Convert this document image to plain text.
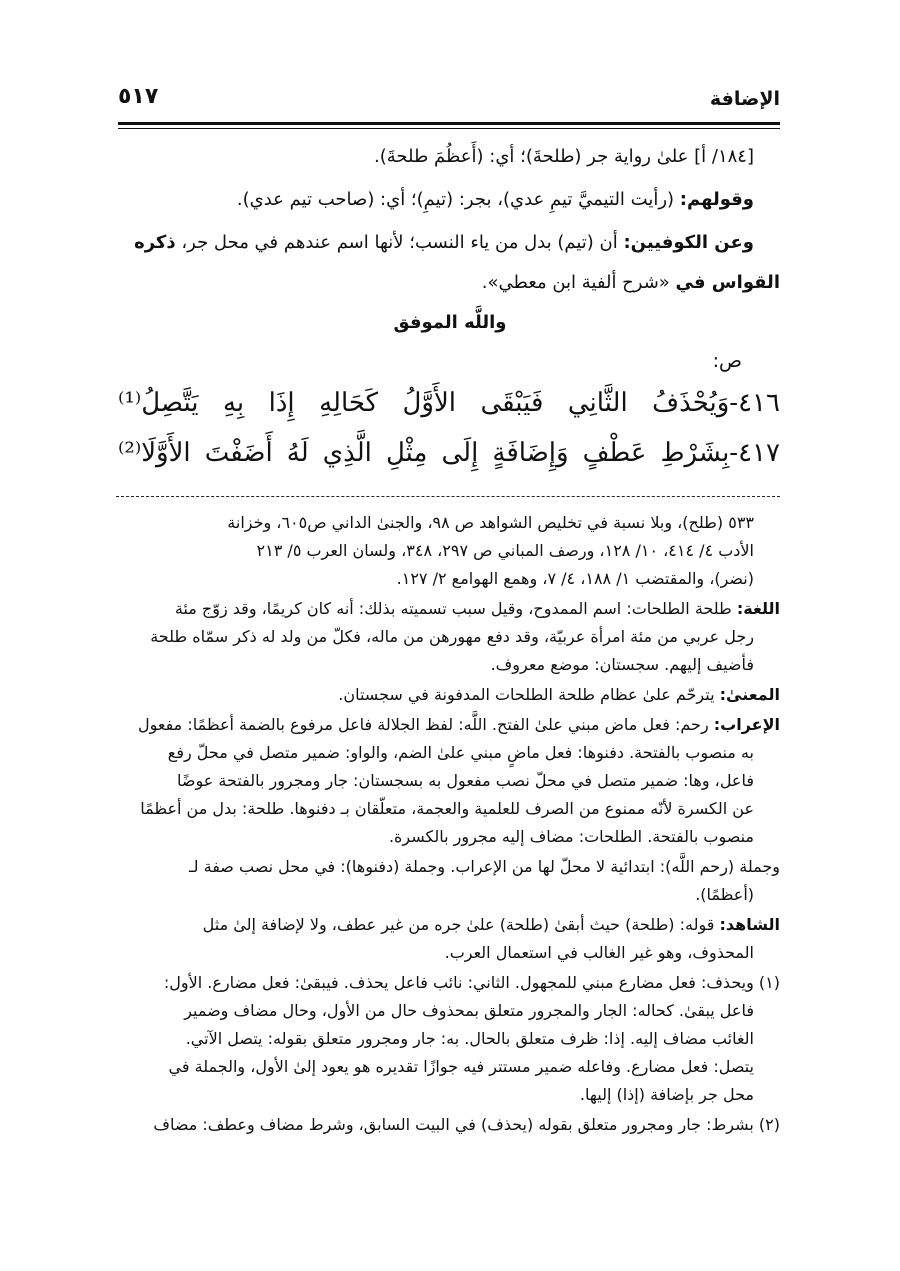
الإضافة
٥١٧
[١٨٤/ أ] علىٰ رواية جر (طلحةَ)؛ أي: (أَعظُمَ طلحةَ).
وقولهم: (رأيت التيميَّ تيمِ عدي)، بجر: (تيمِ)؛ أي: (صاحب تيم عدي).
وعن الكوفيين: أن (تيم) بدل من ياء النسب؛ لأنها اسم عندهم في محل جر، ذكره
القواس في «شرح ألفية ابن معطي».
واللَّه الموفق
ص:
٤١٦-وَيُحْذَفُ الثَّانِي فَيَبْقَى الأَوَّلُ كَحَالِهِ إِذَا بِهِ يَتَّصِلُ⁽¹⁾
٤١٧-بِشَرْطِ عَطْفٍ وَإِضَافَةٍ إِلَى مِثْلِ الَّذِي لَهُ أَضَفْتَ الأَوَّلَا⁽²⁾
٥٣٣ (طلح)، وبلا نسبة في تخليص الشواهد ص ٩٨، والجنىٰ الداني ص٦٠٥، وخزانة
الأدب ٤/ ٤١٤، ١٠/ ١٢٨، ورصف المباني ص ٢٩٧، ٣٤٨، ولسان العرب ٥/ ٢١٣
(نضر)، والمقتضب ١/ ١٨٨، ٤/ ٧، وهمع الهوامع ٢/ ١٢٧.
اللغة: طلحة الطلحات: اسم الممدوح، وقيل سبب تسميته بذلك: أنه كان كريمًا، وقد زوّج مئة
رجل عربي من مئة امرأة عربيّة، وقد دفع مهورهن من ماله، فكلّ من ولد له ذكر سمّاه طلحة
فأضيف إليهم. سجستان: موضع معروف.
المعنىٰ: يترحّم علىٰ عظام طلحة الطلحات المدفونة في سجستان.
الإعراب: رحم: فعل ماض مبني علىٰ الفتح. اللَّه: لفظ الجلالة فاعل مرفوع بالضمة أعظمًا: مفعول
به منصوب بالفتحة. دفنوها: فعل ماضٍ مبني علىٰ الضم، والواو: ضمير متصل في محلّ رفع
فاعل، وها: ضمير متصل في محلّ نصب مفعول به بسجستان: جار ومجرور بالفتحة عوضًا
عن الكسرة لأنّه ممنوع من الصرف للعلمية والعجمة، متعلّقان بـ دفنوها. طلحة: بدل من أعظمًا
منصوب بالفتحة. الطلحات: مضاف إليه مجرور بالكسرة.
وجملة (رحم اللَّه): ابتدائية لا محلّ لها من الإعراب. وجملة (دفنوها): في محل نصب صفة لـ
(أعظمًا).
الشاهد: قوله: (طلحة) حيث أبقىٰ (طلحة) علىٰ جره من غير عطف، ولا لإضافة إلىٰ مثل
المحذوف، وهو غير الغالب في استعمال العرب.
(١) ويحذف: فعل مضارع مبني للمجهول. الثاني: نائب فاعل يحذف. فيبقىٰ: فعل مضارع. الأول:
فاعل يبقىٰ. كحاله: الجار والمجرور متعلق بمحذوف حال من الأول، وحال مضاف وضمير
الغائب مضاف إليه. إذا: ظرف متعلق بالحال. به: جار ومجرور متعلق بقوله: يتصل الآتي.
يتصل: فعل مضارع. وفاعله ضمير مستتر فيه جوازًا تقديره هو يعود إلىٰ الأول، والجملة في
محل جر بإضافة (إذا) إليها.
(٢) بشرط: جار ومجرور متعلق بقوله (يحذف) في البيت السابق، وشرط مضاف وعطف: مضاف
